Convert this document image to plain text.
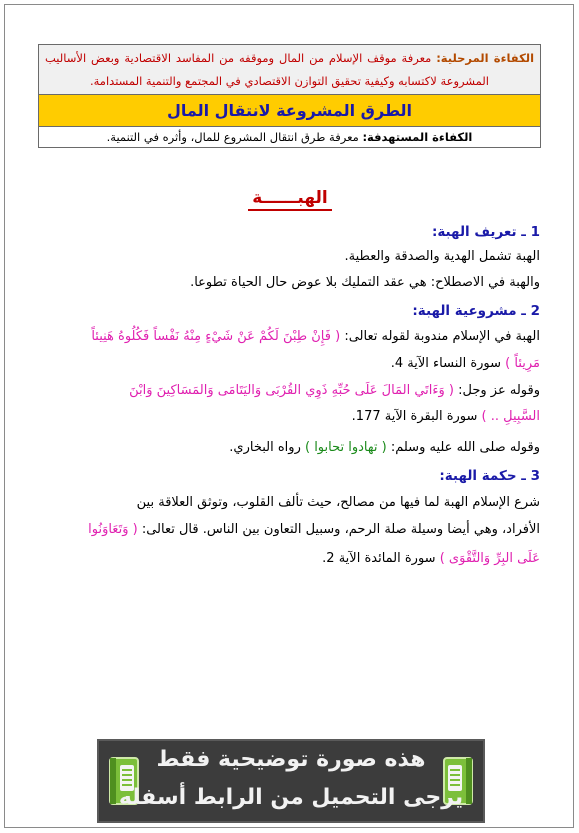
الكفاءة المرحلية: معرفة موقف الإسلام من المال وموقفه من المفاسد الاقتصادية وبعض الأساليب المشروعة لاكتسابه وكيفية تحقيق التوازن الاقتصادي في المجتمع والتنمية المستدامة.
الطرق المشروعة لانتقال المال
الكفاءة المستهدفة: معرفة طرق انتقال المشروع للمال، وأثره في التنمية.
الهبــــــة
1 ـ تعريف الهبة:
الهبة تشمل الهدية والصدقة والعطية.
والهبة في الاصطلاح: هي عقد التمليك بلا عوض حال الحياة تطوعا.
2 ـ مشروعية الهبة:
الهبة في الإسلام مندوبة لقوله تعالى: ( فَإِنْ طِبْنَ لَكُمْ عَنْ شَيْءٍ مِنْهُ نَفْساً فَكُلُوهُ هَنِيئاً
مَرِيئاً ) سورة النساء الآية 4.
وقوله عز وجل: ( وَءَاتَي المَالَ عَلَى حُبِّهِ ذَوِي القُرْبَى وَاليَتَامَى وَالمَسَاكِينَ وَابْنَ
السَّبِيلِ .. ) سورة البقرة الآية 177.
وقوله صلى الله عليه وسلم: ( تهادوا تحابوا ) رواه البخاري.
3 ـ حكمة الهبة:
شرع الإسلام الهبة لما فيها من مصالح، حيث تألف القلوب، وتوثق العلاقة بين
الأفراد، وهي أيضا وسيلة صلة الرحم، وسبيل التعاون بين الناس. قال تعالى: ( وَتَعَاوَنُوا
عَلَى البِرِّ وَالتَّقْوَى ) سورة المائدة الآية 2.
هذه صورة توضيحية فقط
يرجى التحميل من الرابط أسفله
